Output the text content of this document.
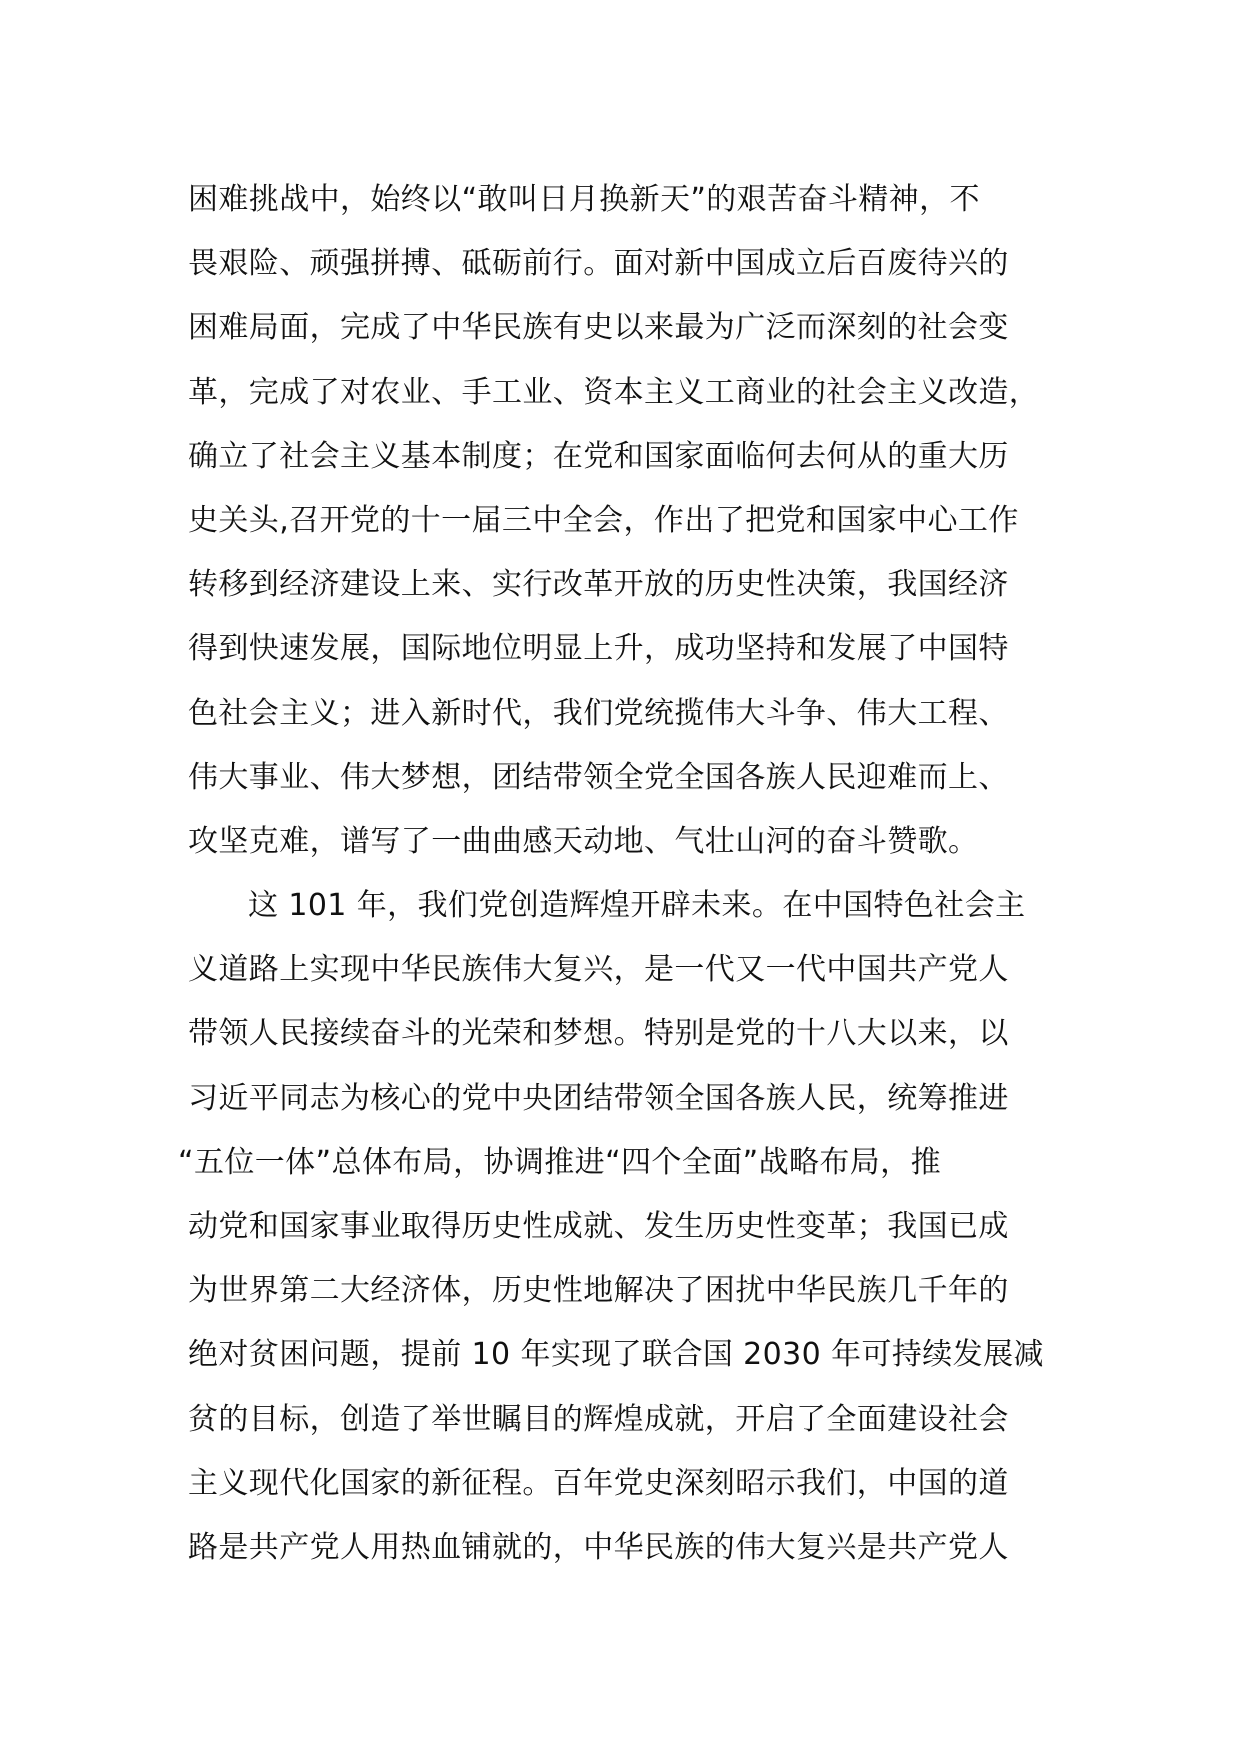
困难挑战中，始终以“敢叫日月换新天”的艰苦奋斗精神，不
畏艰险、顽强拼搏、砥砺前行。面对新中国成立后百废待兴的
困难局面，完成了中华民族有史以来最为广泛而深刻的社会变
革，完成了对农业、手工业、资本主义工商业的社会主义改造，
确立了社会主义基本制度；在党和国家面临何去何从的重大历
史关头,召开党的十一届三中全会，作出了把党和国家中心工作
转移到经济建设上来、实行改革开放的历史性决策，我国经济
得到快速发展，国际地位明显上升，成功坚持和发展了中国特
色社会主义；进入新时代，我们党统揽伟大斗争、伟大工程、
伟大事业、伟大梦想，团结带领全党全国各族人民迎难而上、
攻坚克难，谱写了一曲曲感天动地、气壮山河的奋斗赞歌。
这 101 年，我们党创造辉煌开辟未来。在中国特色社会主
义道路上实现中华民族伟大复兴，是一代又一代中国共产党人
带领人民接续奋斗的光荣和梦想。特别是党的十八大以来，以
习近平同志为核心的党中央团结带领全国各族人民，统筹推进
“五位一体”总体布局，协调推进“四个全面”战略布局，推
动党和国家事业取得历史性成就、发生历史性变革；我国已成
为世界第二大经济体，历史性地解决了困扰中华民族几千年的
绝对贫困问题，提前 10 年实现了联合国 2030 年可持续发展减
贫的目标，创造了举世瞩目的辉煌成就，开启了全面建设社会
主义现代化国家的新征程。百年党史深刻昭示我们，中国的道
路是共产党人用热血铺就的，中华民族的伟大复兴是共产党人
